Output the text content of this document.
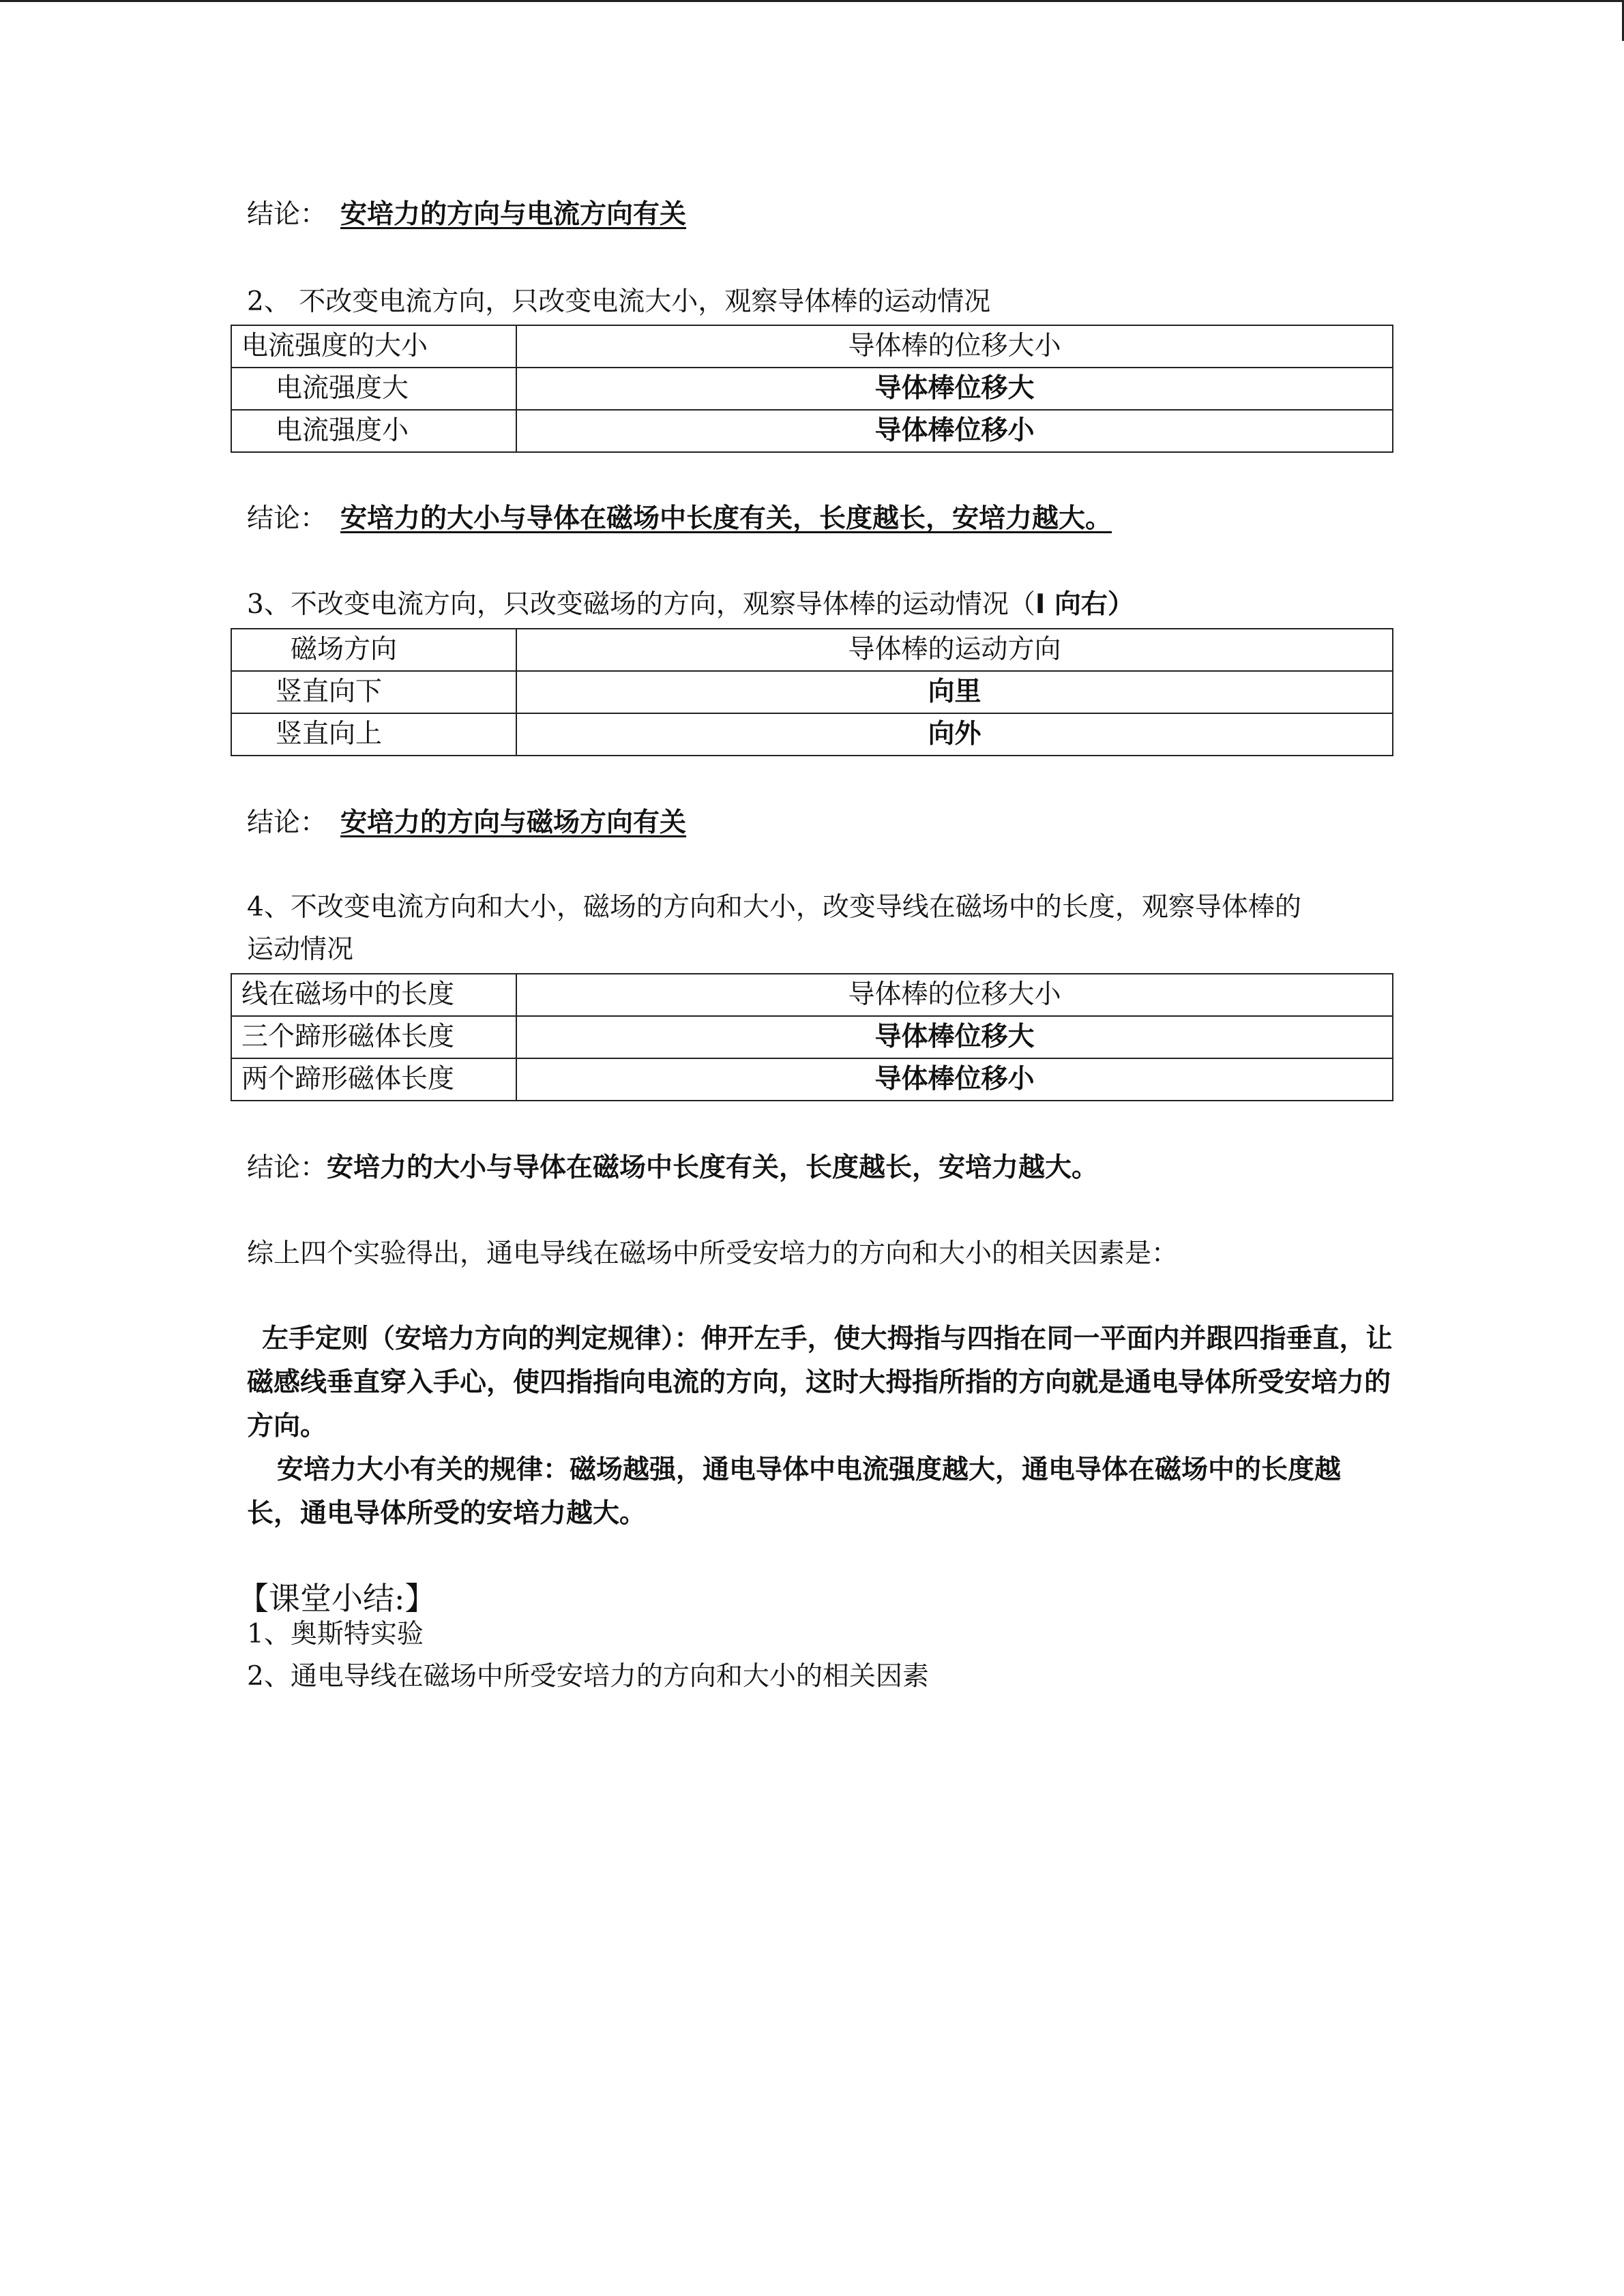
结论： 安培力的方向与电流方向有关
2、 不改变电流方向，只改变电流大小，观察导体棒的运动情况
电流强度的大小	导体棒的位移大小
电流强度大	导体棒位移大
电流强度小	导体棒位移小
结论： 安培力的大小与导体在磁场中长度有关，长度越长，安培力越大。
3、不改变电流方向，只改变磁场的方向，观察导体棒的运动情况（I 向右）
磁场方向	导体棒的运动方向
竖直向下	向里
竖直向上	向外
结论： 安培力的方向与磁场方向有关
4、不改变电流方向和大小，磁场的方向和大小，改变导线在磁场中的长度，观察导体棒的
运动情况
线在磁场中的长度	导体棒的位移大小
三个蹄形磁体长度	导体棒位移大
两个蹄形磁体长度	导体棒位移小
结论：安培力的大小与导体在磁场中长度有关，长度越长，安培力越大。
综上四个实验得出，通电导线在磁场中所受安培力的方向和大小的相关因素是：
左手定则（安培力方向的判定规律）：伸开左手，使大拇指与四指在同一平面内并跟四指垂直，让磁感线垂直穿入手心，使四指指向电流的方向，这时大拇指所指的方向就是通电导体所受安培力的方向。
安培力大小有关的规律：磁场越强，通电导体中电流强度越大，通电导体在磁场中的长度越长，通电导体所受的安培力越大。
【课堂小结:】
1、奥斯特实验
2、通电导线在磁场中所受安培力的方向和大小的相关因素
